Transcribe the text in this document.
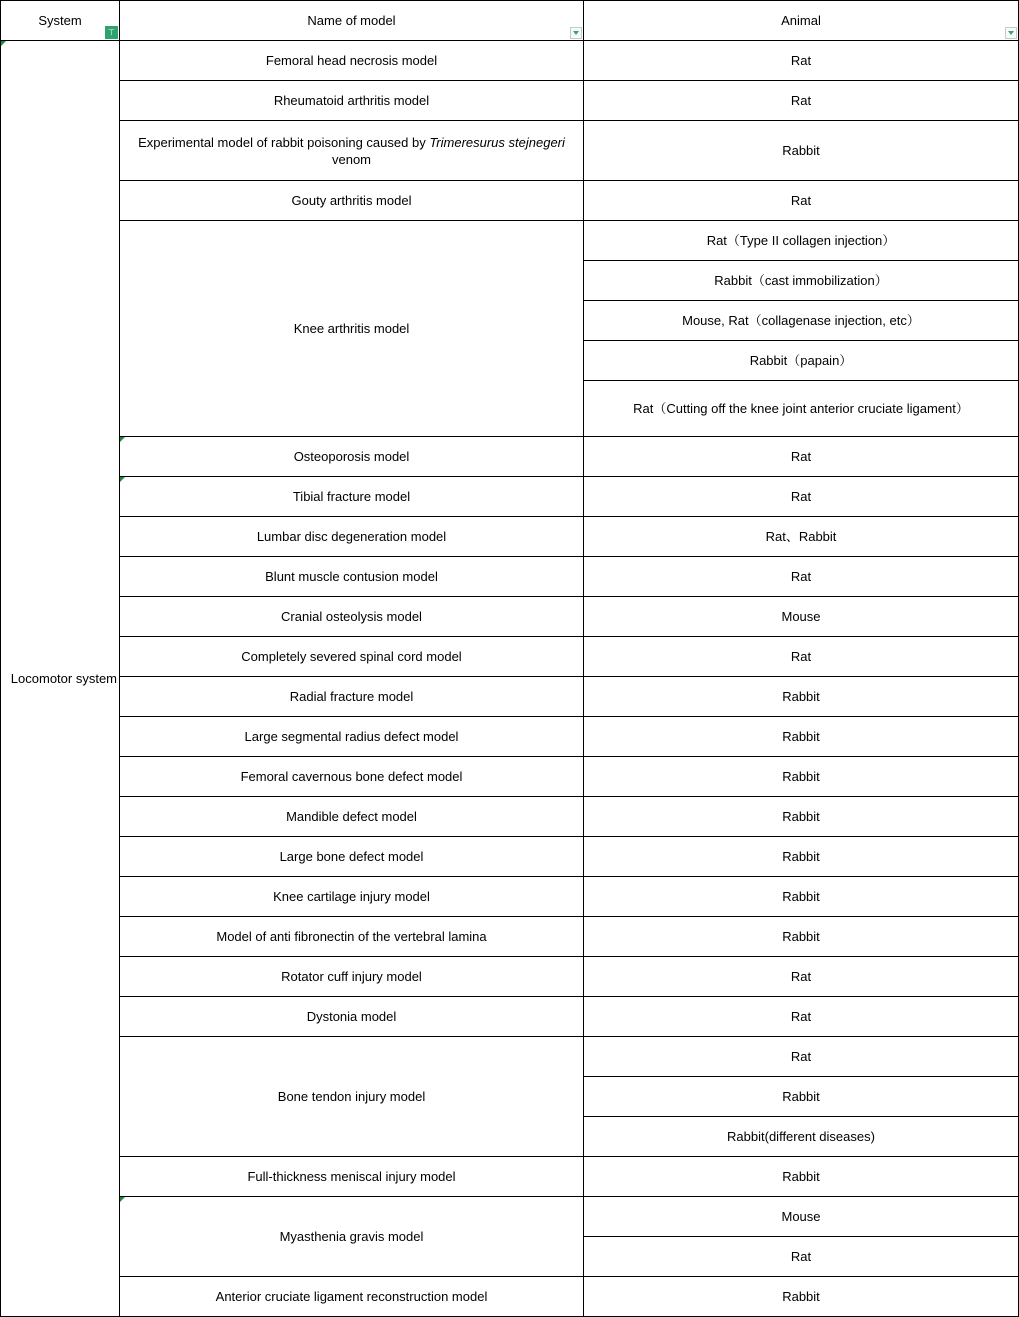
System
⊤
Name of model	Animal
Rat
Femoral head necrosis model
Rat
Rheumatoid arthritis model
Rabbit
Experimental model of rabbit poisoning caused by Trimeresurus stejnegeri venom
Rat
Gouty arthritis model
Rat（Type II collagen injection）
Rabbit（cast immobilization）
Mouse, Rat（collagenase injection, etc）
Rabbit（papain）
Rat（Cutting off the knee joint anterior cruciate ligament）
Knee arthritis model
Rat
Osteoporosis model
Rat
Tibial fracture model
Rat、Rabbit
Lumbar disc degeneration model
Rat
Blunt muscle contusion model
Mouse
Cranial osteolysis model
Rat
Completely severed spinal cord model
Rabbit
Radial fracture model
Rabbit
Large segmental radius defect model
Rabbit
Femoral cavernous bone defect model
Rabbit
Mandible defect model
Rabbit
Large bone defect model
Rabbit
Knee cartilage injury model
Rabbit
Model of anti fibronectin of the vertebral lamina
Rat
Rotator cuff injury model
Rat
Dystonia model
Rat
Rabbit
Rabbit(different diseases)
Bone tendon injury model
Rabbit
Full-thickness meniscal injury model
Mouse
Rat
Myasthenia gravis model
Rabbit
Anterior cruciate ligament reconstruction model
Locomotor system
